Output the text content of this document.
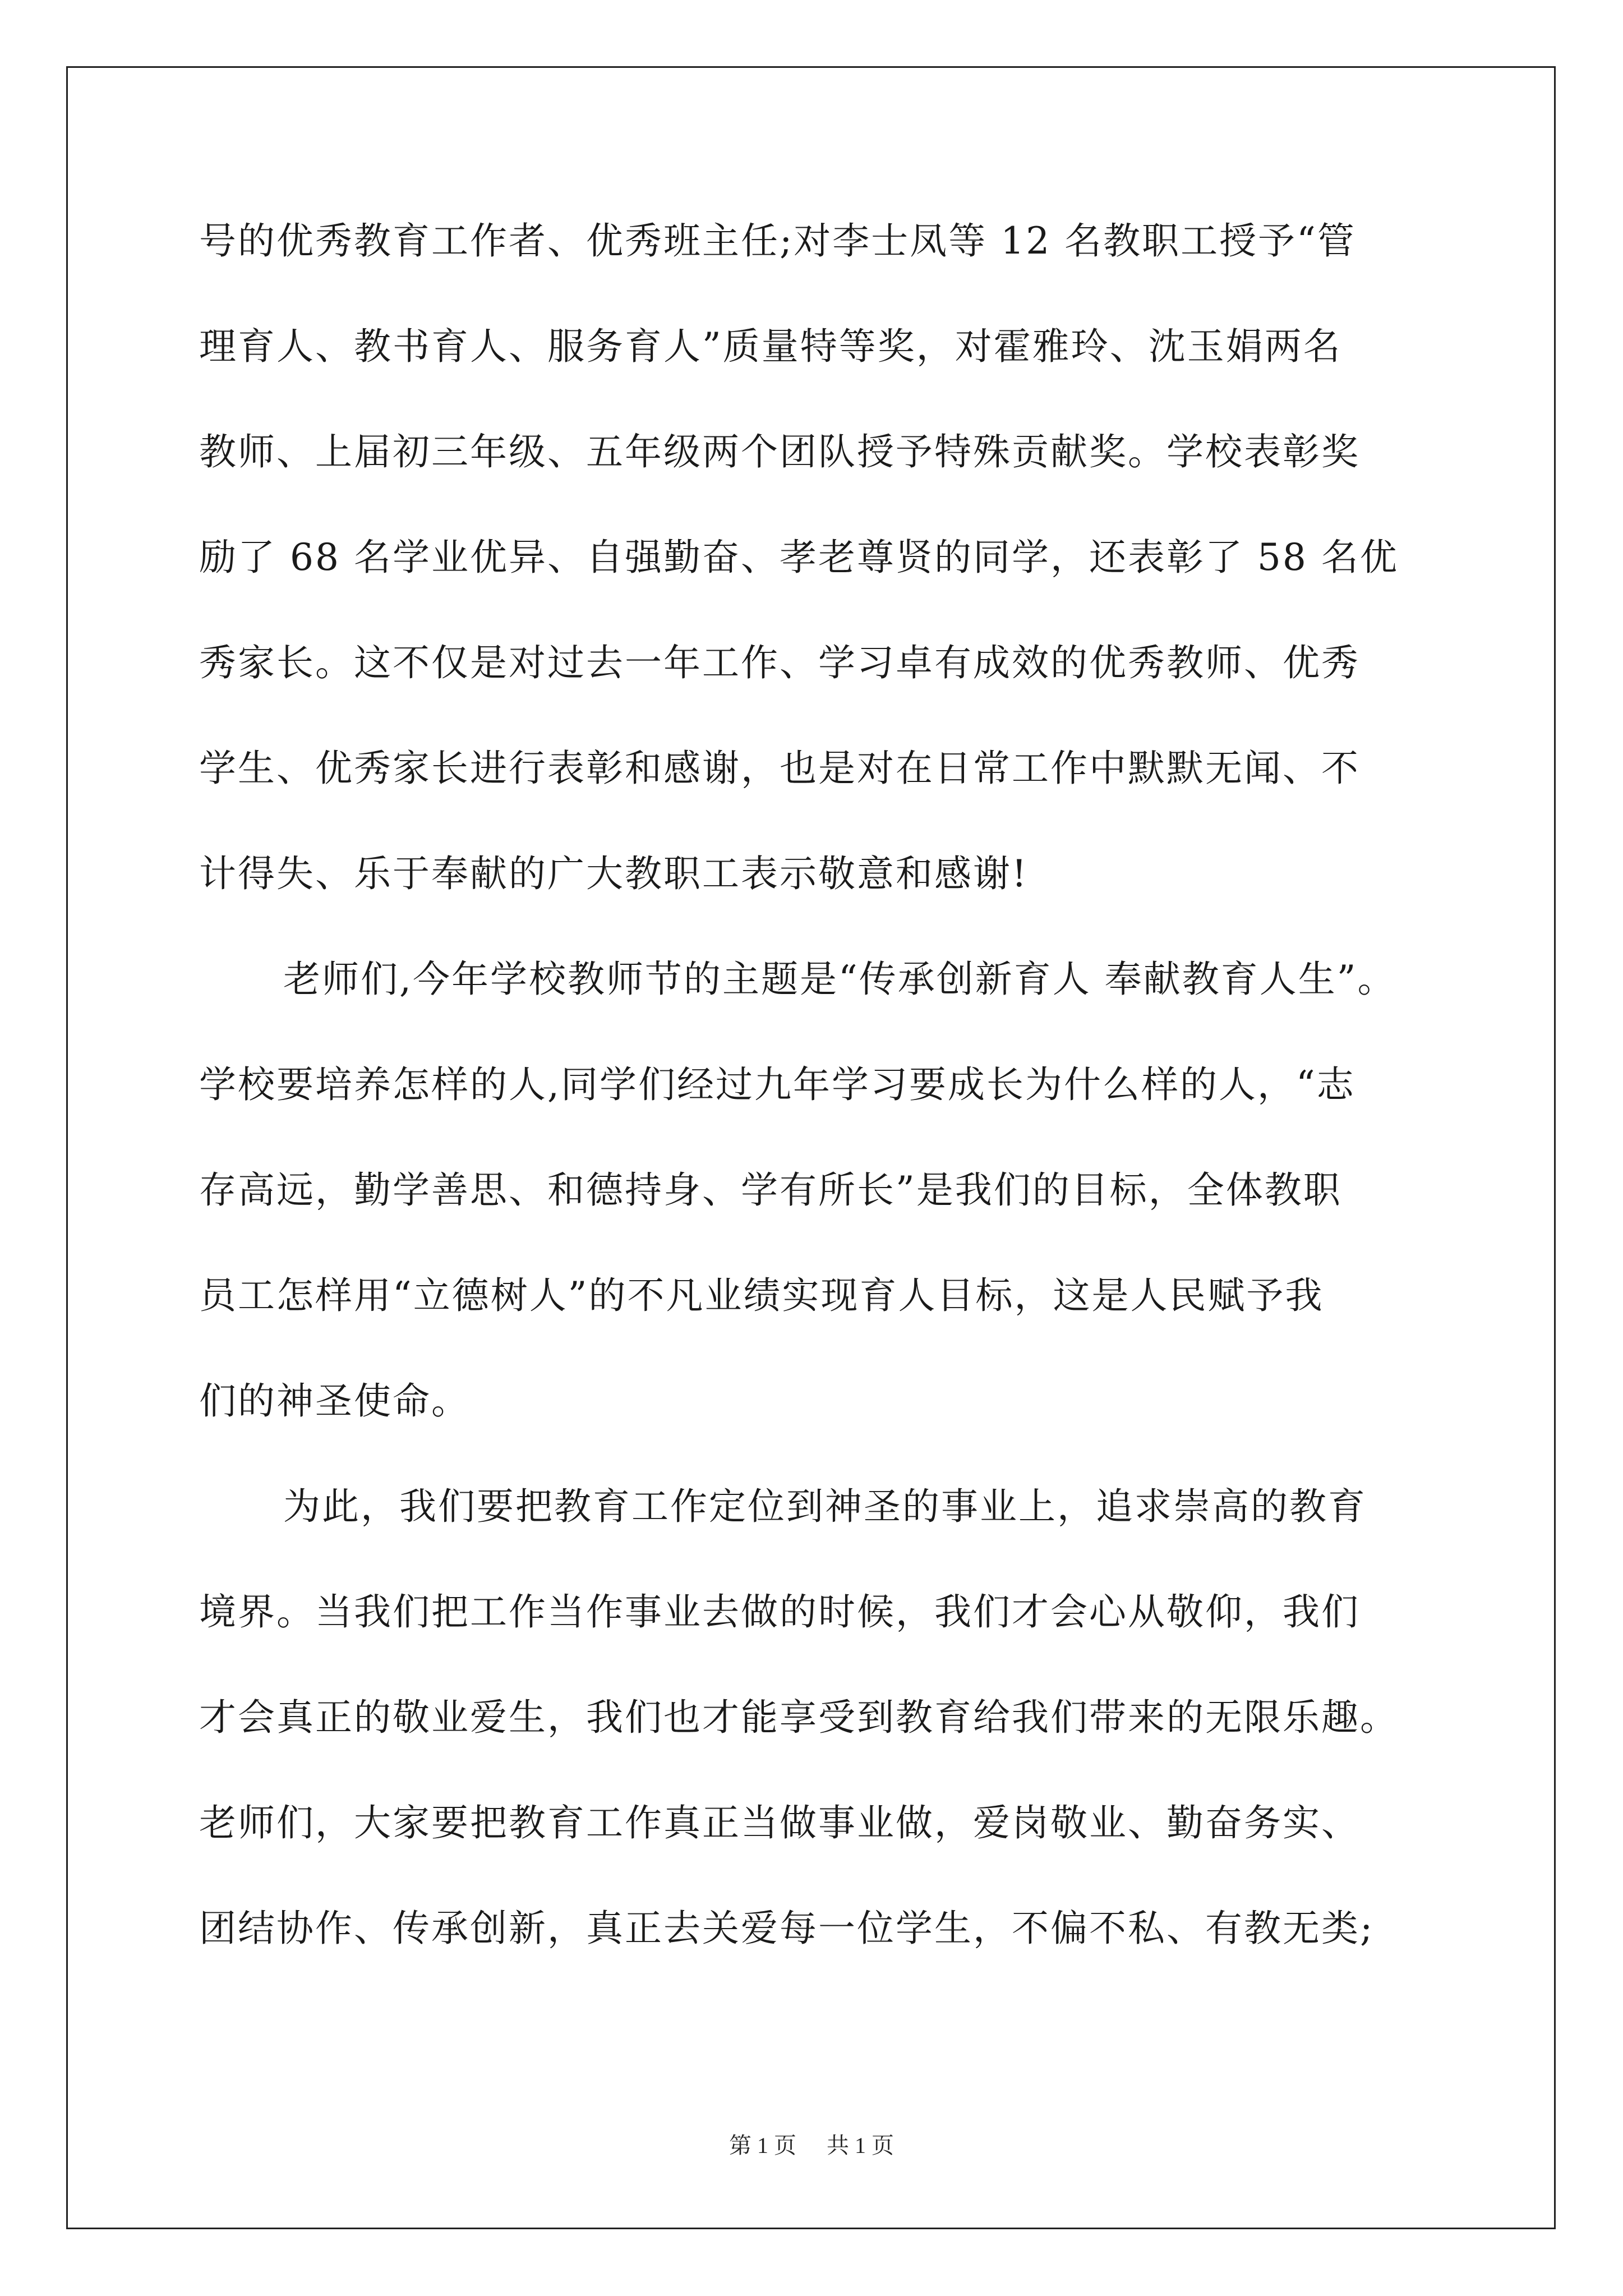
号的优秀教育工作者、优秀班主任;对李士凤等 12 名教职工授予“管
理育人、教书育人、服务育人”质量特等奖，对霍雅玲、沈玉娟两名
教师、上届初三年级、五年级两个团队授予特殊贡献奖。学校表彰奖
励了 68 名学业优异、自强勤奋、孝老尊贤的同学，还表彰了 58 名优
秀家长。这不仅是对过去一年工作、学习卓有成效的优秀教师、优秀
学生、优秀家长进行表彰和感谢，也是对在日常工作中默默无闻、不
计得失、乐于奉献的广大教职工表示敬意和感谢!
老师们,今年学校教师节的主题是“传承创新育人 奉献教育人生”。
学校要培养怎样的人,同学们经过九年学习要成长为什么样的人，“志
存高远，勤学善思、和德持身、学有所长”是我们的目标，全体教职
员工怎样用“立德树人”的不凡业绩实现育人目标，这是人民赋予我
们的神圣使命。
为此，我们要把教育工作定位到神圣的事业上，追求崇高的教育
境界。当我们把工作当作事业去做的时候，我们才会心从敬仰，我们
才会真正的敬业爱生，我们也才能享受到教育给我们带来的无限乐趣。
老师们，大家要把教育工作真正当做事业做，爱岗敬业、勤奋务实、
团结协作、传承创新，真正去关爱每一位学生，不偏不私、有教无类;
第 1 页 共 1 页
